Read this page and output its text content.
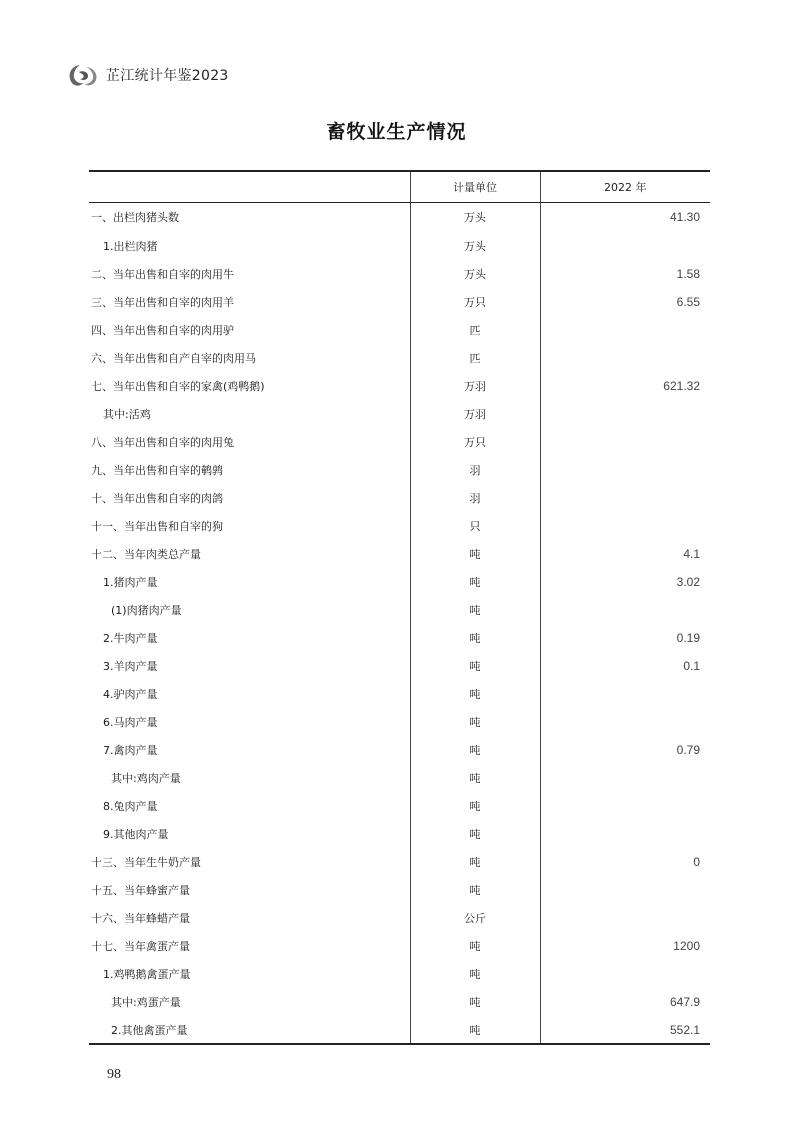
芷江统计年鉴2023
畜牧业生产情况
	计量单位	2022 年
一、出栏肉猪头数	万头	41.30
1.出栏肉猪	万头	
二、当年出售和自宰的肉用牛	万头	1.58
三、当年出售和自宰的肉用羊	万只	6.55
四、当年出售和自宰的肉用驴	匹	
六、当年出售和自产自宰的肉用马	匹	
七、当年出售和自宰的家禽(鸡鸭鹅)	万羽	621.32
其中:活鸡	万羽	
八、当年出售和自宰的肉用兔	万只	
九、当年出售和自宰的鹌鹑	羽	
十、当年出售和自宰的肉鸽	羽	
十一、当年出售和自宰的狗	只	
十二、当年肉类总产量	吨	4.1
1.猪肉产量	吨	3.02
(1)肉猪肉产量	吨	
2.牛肉产量	吨	0.19
3.羊肉产量	吨	0.1
4.驴肉产量	吨	
6.马肉产量	吨	
7.禽肉产量	吨	0.79
其中:鸡肉产量	吨	
8.兔肉产量	吨	
9.其他肉产量	吨	
十三、当年生牛奶产量	吨	0
十五、当年蜂蜜产量	吨	
十六、当年蜂蜡产量	公斤	
十七、当年禽蛋产量	吨	1200
1.鸡鸭鹅禽蛋产量	吨	
其中:鸡蛋产量	吨	647.9
2.其他禽蛋产量	吨	552.1
98
